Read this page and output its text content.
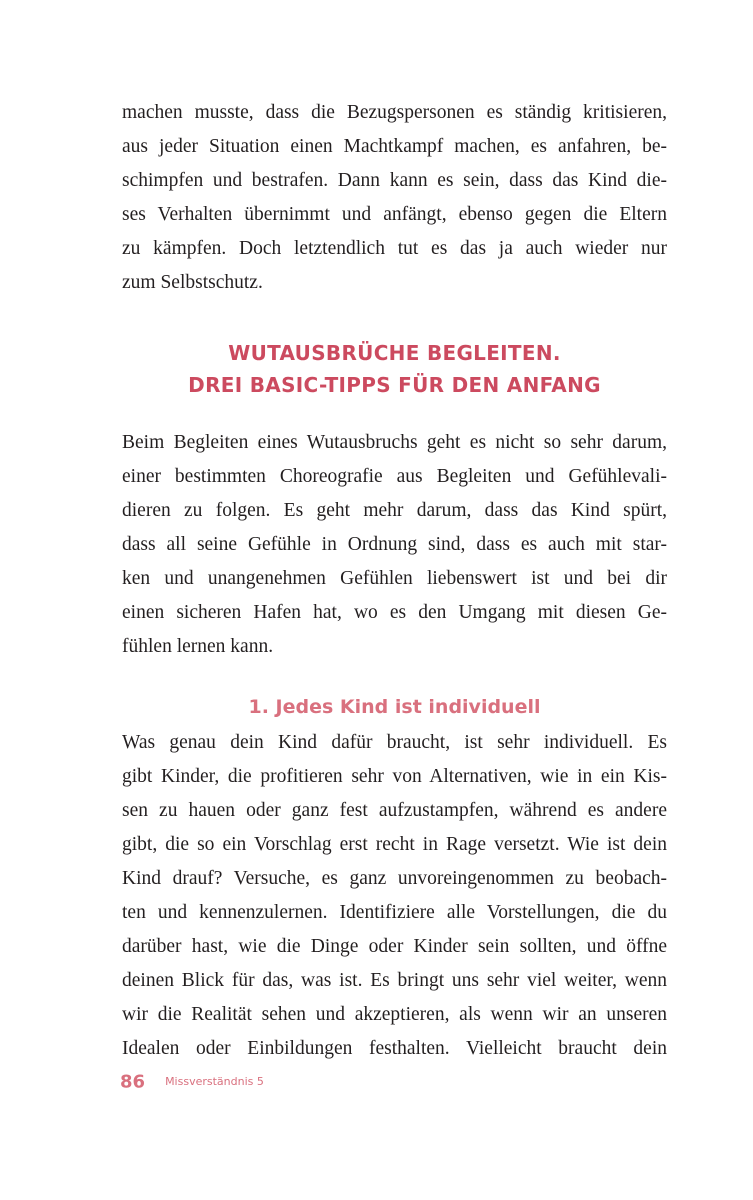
machen musste, dass die Bezugspersonen es ständig kritisieren,
aus jeder Situation einen Machtkampf machen, es anfahren, be-
schimpfen und bestrafen. Dann kann es sein, dass das Kind die-
ses Verhalten übernimmt und anfängt, ebenso gegen die Eltern
zu kämpfen. Doch letztendlich tut es das ja auch wieder nur
zum Selbstschutz.
WUTAUSBRÜCHE BEGLEITEN.
DREI BASIC-TIPPS FÜR DEN ANFANG
Beim Begleiten eines Wutausbruchs geht es nicht so sehr darum,
einer bestimmten Choreografie aus Begleiten und Gefühlevali-
dieren zu folgen. Es geht mehr darum, dass das Kind spürt,
dass all seine Gefühle in Ordnung sind, dass es auch mit star-
ken und unangenehmen Gefühlen liebenswert ist und bei dir
einen sicheren Hafen hat, wo es den Umgang mit diesen Ge-
fühlen lernen kann.
1. Jedes Kind ist individuell
Was genau dein Kind dafür braucht, ist sehr individuell. Es
gibt Kinder, die profitieren sehr von Alternativen, wie in ein Kis-
sen zu hauen oder ganz fest aufzustampfen, während es andere
gibt, die so ein Vorschlag erst recht in Rage versetzt. Wie ist dein
Kind drauf? Versuche, es ganz unvoreingenommen zu beobach-
ten und kennenzulernen. Identifiziere alle Vorstellungen, die du
darüber hast, wie die Dinge oder Kinder sein sollten, und öffne
deinen Blick für das, was ist. Es bringt uns sehr viel weiter, wenn
wir die Realität sehen und akzeptieren, als wenn wir an unseren
Idealen oder Einbildungen festhalten. Vielleicht braucht dein
86 Missverständnis 5
